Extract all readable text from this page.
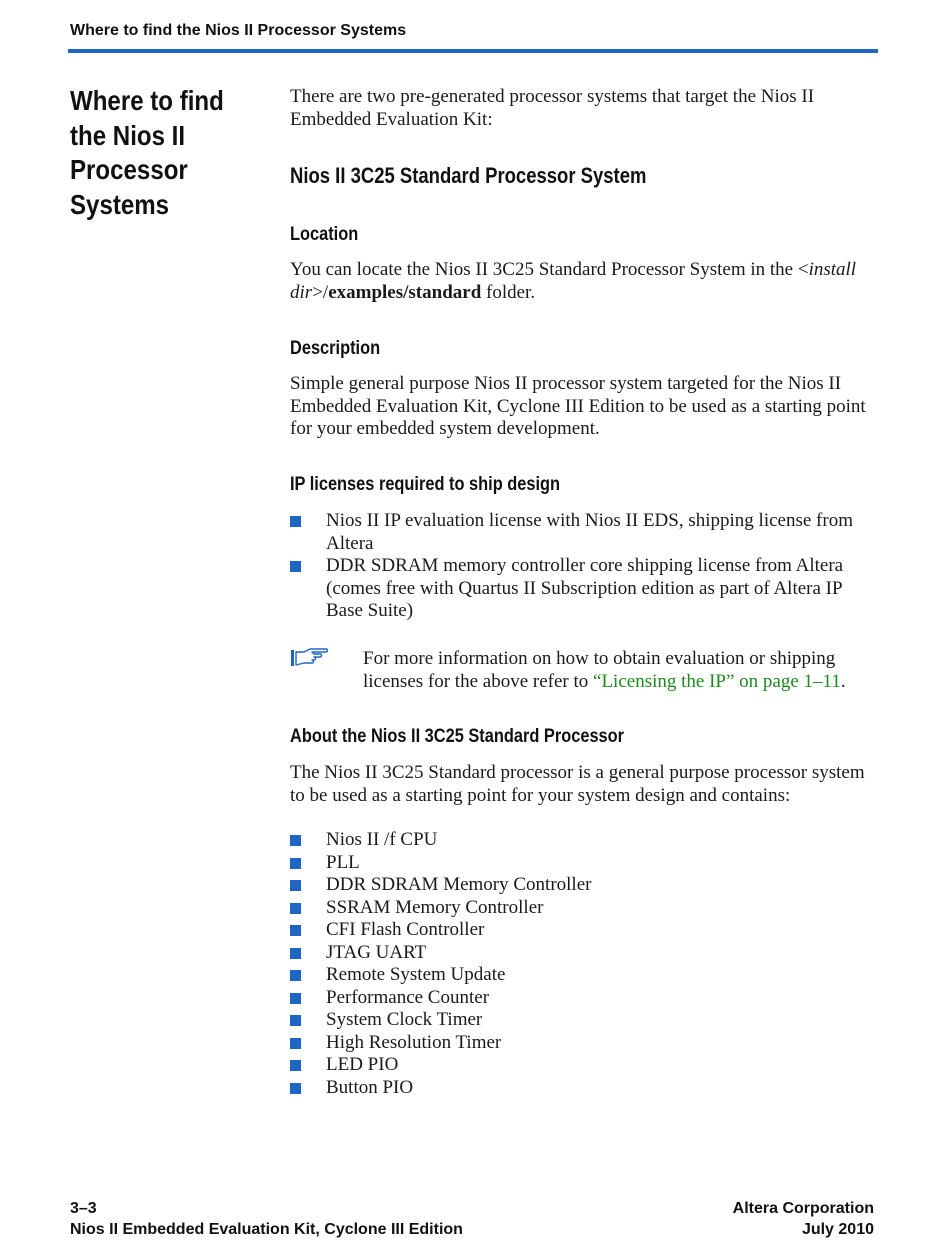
Where to find the Nios II Processor Systems
Where to find
the Nios II
Processor
Systems

There are two pre-generated processor systems that target the Nios II Embedded Evaluation Kit:

Nios II 3C25 Standard Processor System
Location

You can locate the Nios II 3C25 Standard Processor System in the <install dir>/examples/standard folder.

Description

Simple general purpose Nios II processor system targeted for the Nios II Embedded Evaluation Kit, Cyclone III Edition to be used as a starting point for your embedded system development.

IP licenses required to ship design
Nios II IP evaluation license with Nios II EDS, shipping license from Altera
DDR SDRAM memory controller core shipping license from Altera (comes free with Quartus II Subscription edition as part of Altera IP Base Suite)

For more information on how to obtain evaluation or shipping licenses for the above refer to “Licensing the IP” on page 1–11.

About the Nios II 3C25 Standard Processor

The Nios II 3C25 Standard processor is a general purpose processor system to be used as a starting point for your system design and contains:

Nios II /f CPU
PLL
DDR SDRAM Memory Controller
SSRAM Memory Controller
CFI Flash Controller
JTAG UART
Remote System Update
Performance Counter
System Clock Timer
High Resolution Timer
LED PIO
Button PIO
3–3
Nios II Embedded Evaluation Kit, Cyclone III Edition
Altera Corporation
July 2010
